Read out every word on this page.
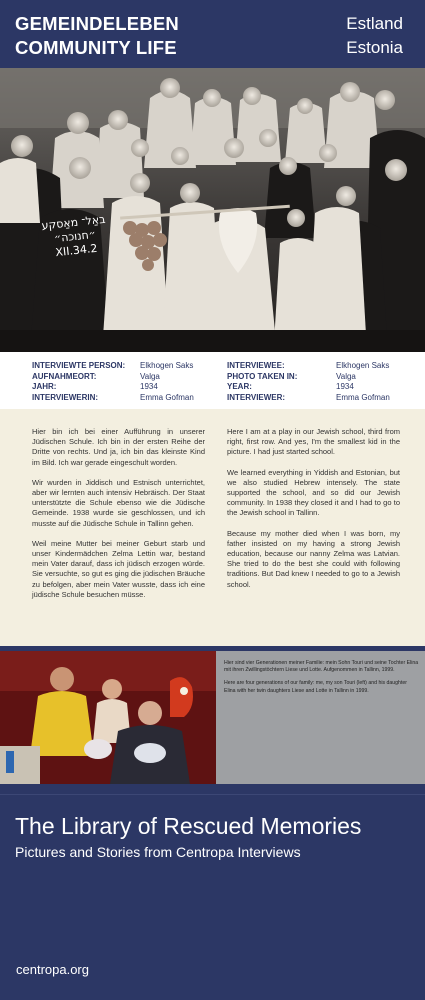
GEMEINDELEBEN
COMMUNITY LIFE
Estland
Estonia
באַל־ מאַסקע ״חנוכה״ 2.XII.34
INTERVIEWTE PERSON:
AUFNAHMEORT:
JAHR:
INTERVIEWERIN:
Elkhogen Saks
Valga
1934
Emma Gofman
INTERVIEWEE:
PHOTO TAKEN IN:
YEAR:
INTERVIEWER:
Elkhogen Saks
Valga
1934
Emma Gofman

Hier bin ich bei einer Aufführung in unserer Jüdischen Schule. Ich bin in der ersten Reihe der Dritte von rechts. Und ja, ich bin das kleinste Kind im Bild. Ich war gerade eingeschult worden.

Wir wurden in Jiddisch und Estnisch unterrichtet, aber wir lernten auch intensiv Hebräisch. Der Staat unterstützte die Schule ebenso wie die Jüdische Gemeinde. 1938 wurde sie geschlossen, und ich musste auf die Jüdische Schule in Tallinn gehen.

Weil meine Mutter bei meiner Geburt starb und unser Kindermädchen Zelma Lettin war, bestand mein Vater darauf, dass ich jüdisch erzogen würde. Sie versuchte, so gut es ging die jüdischen Bräuche zu befolgen, aber mein Vater wusste, dass ich eine jüdische Schule besuchen müsse.

Here I am at a play in our Jewish school, third from right, first row. And yes, I'm the smallest kid in the picture. I had just started school.

We learned everything in Yiddish and Estonian, but we also studied Hebrew intensely. The state supported the school, and so did our Jewish community. In 1938 they closed it and I had to go to the Jewish school in Tallinn.

Because my mother died when I was born, my father insisted on my having a strong Jewish education, because our nanny Zelma was Latvian. She tried to do the best she could with following traditions. But Dad knew I needed to go to a Jewish school.

Hier sind vier Generationen meiner Familie: mein Sohn Touri und seine Tochter Elina mit ihren Zwillingstöchtern Liese und Lotte. Aufgenommen in Tallinn, 1999.

Here are four generations of our family: me, my son Touri (left) and his daughter Elina with her twin daughters Liese and Lotte in Tallinn in 1999.

The Library of Rescued Memories
Pictures and Stories from Centropa Interviews
centropa.org
